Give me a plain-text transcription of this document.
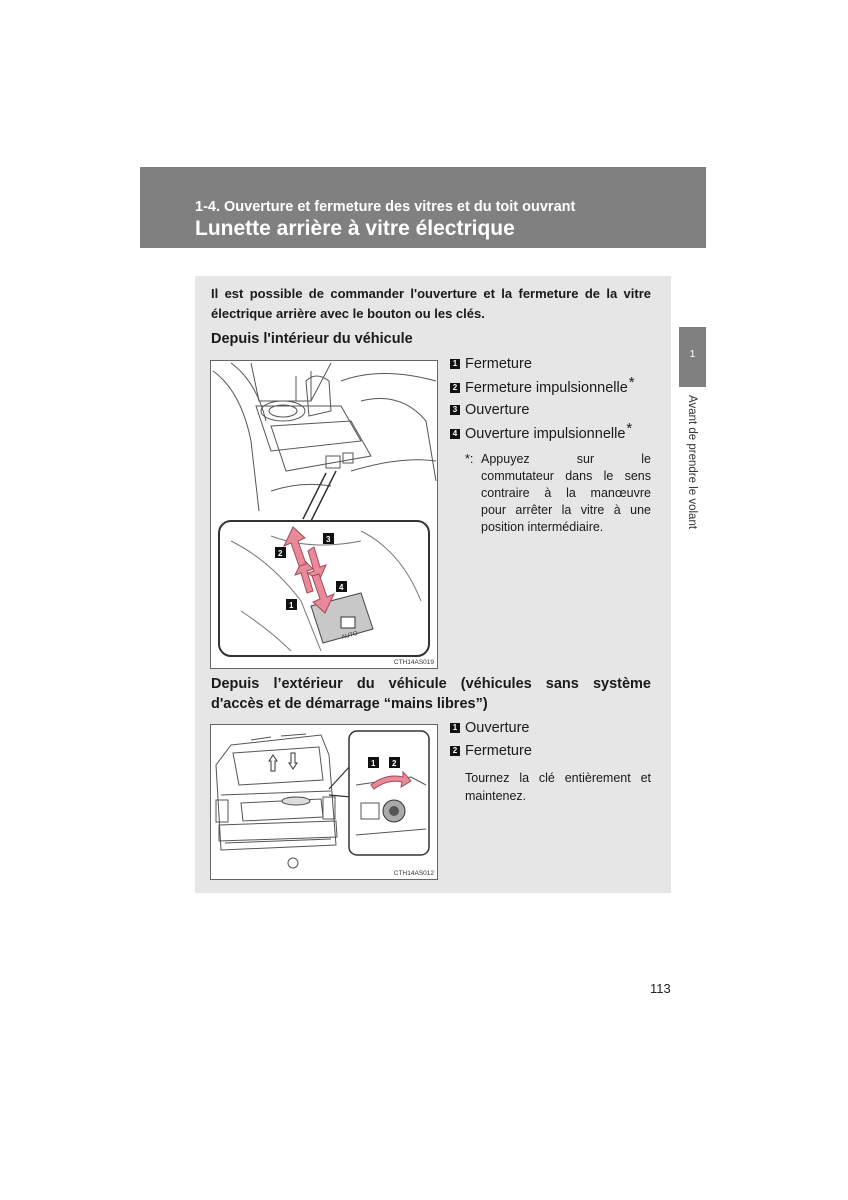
1-4. Ouverture et fermeture des vitres et du toit ouvrant
Lunette arrière à vitre électrique
Il est possible de commander l'ouverture et la fermeture de la vitre électrique arrière avec le bouton ou les clés.
Depuis l'intérieur du véhicule
AUTO
2
3
4
1
CTH14AS019
1 Fermeture
2 Fermeture impulsionnelle *
3 Ouverture
4 Ouverture impulsionnelle *
*: Appuyez sur le
commutateur dans le sens
contraire à la manœuvre
pour arrêter la vitre à une
position intermédiaire.
Depuis l’extérieur du véhicule (véhicules sans système
d'accès et de démarrage “mains libres”)
1 2
CTH14AS012
1 Ouverture
2 Fermeture
Tournez la clé entièrement et
maintenez.
1
Avant de prendre le volant
113
